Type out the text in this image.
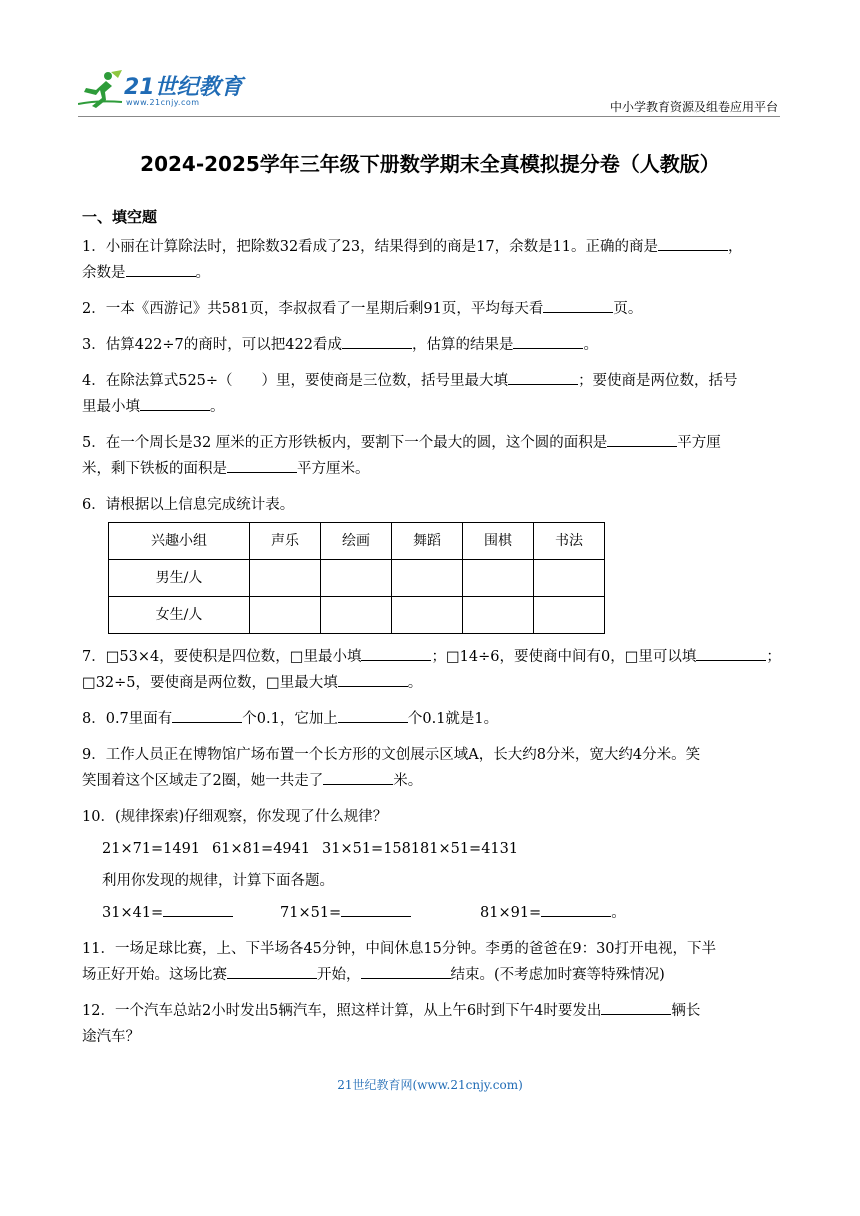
21世纪教育
www.21cnjy.com	中小学教育资源及组卷应用平台
2024-2025学年三年级下册数学期末全真模拟提分卷（人教版）
一、填空题

1．小丽在计算除法时，把除数32看成了23，结果得到的商是17，余数是11。正确的商是	，
余数是	。

2．一本《西游记》共581页，李叔叔看了一星期后剩91页，平均每天看	页。

3．估算422÷7的商时，可以把422看成	，估算的结果是	。

4．在除法算式525÷（　　）里，要使商是三位数，括号里最大填	；要使商是两位数，括号
里最小填	。

5．在一个周长是32 厘米的正方形铁板内，要割下一个最大的圆，这个圆的面积是	平方厘
米，剩下铁板的面积是	平方厘米。

6．请根据以上信息完成统计表。

兴趣小组	声乐	绘画	舞蹈	围棋	书法
男生/人					
女生/人					

7．□53×4，要使积是四位数，□里最小填	；□14÷6，要使商中间有0，□里可以填	；
□32÷5，要使商是两位数，□里最大填	。

8．0.7里面有	个0.1，它加上	个0.1就是1。

9．工作人员正在博物馆广场布置一个长方形的文创展示区域A，长大约8分米，宽大约4分米。笑
笑围着这个区域走了2圈，她一共走了	米。

10．(规律探索)仔细观察，你发现了什么规律？
21×71=1491 61×81=4941 31×51=158181×51=4131
利用你发现的规律，计算下面各题。
31×41=	71×51=	81×91=	。

11．一场足球比赛，上、下半场各45分钟，中间休息15分钟。李勇的爸爸在9：30打开电视，下半
场正好开始。这场比赛	开始，	结束。(不考虑加时赛等特殊情况)

12．一个汽车总站2小时发出5辆汽车，照这样计算，从上午6时到下午4时要发出	辆长
途汽车？

21世纪教育网(www.21cnjy.com)
